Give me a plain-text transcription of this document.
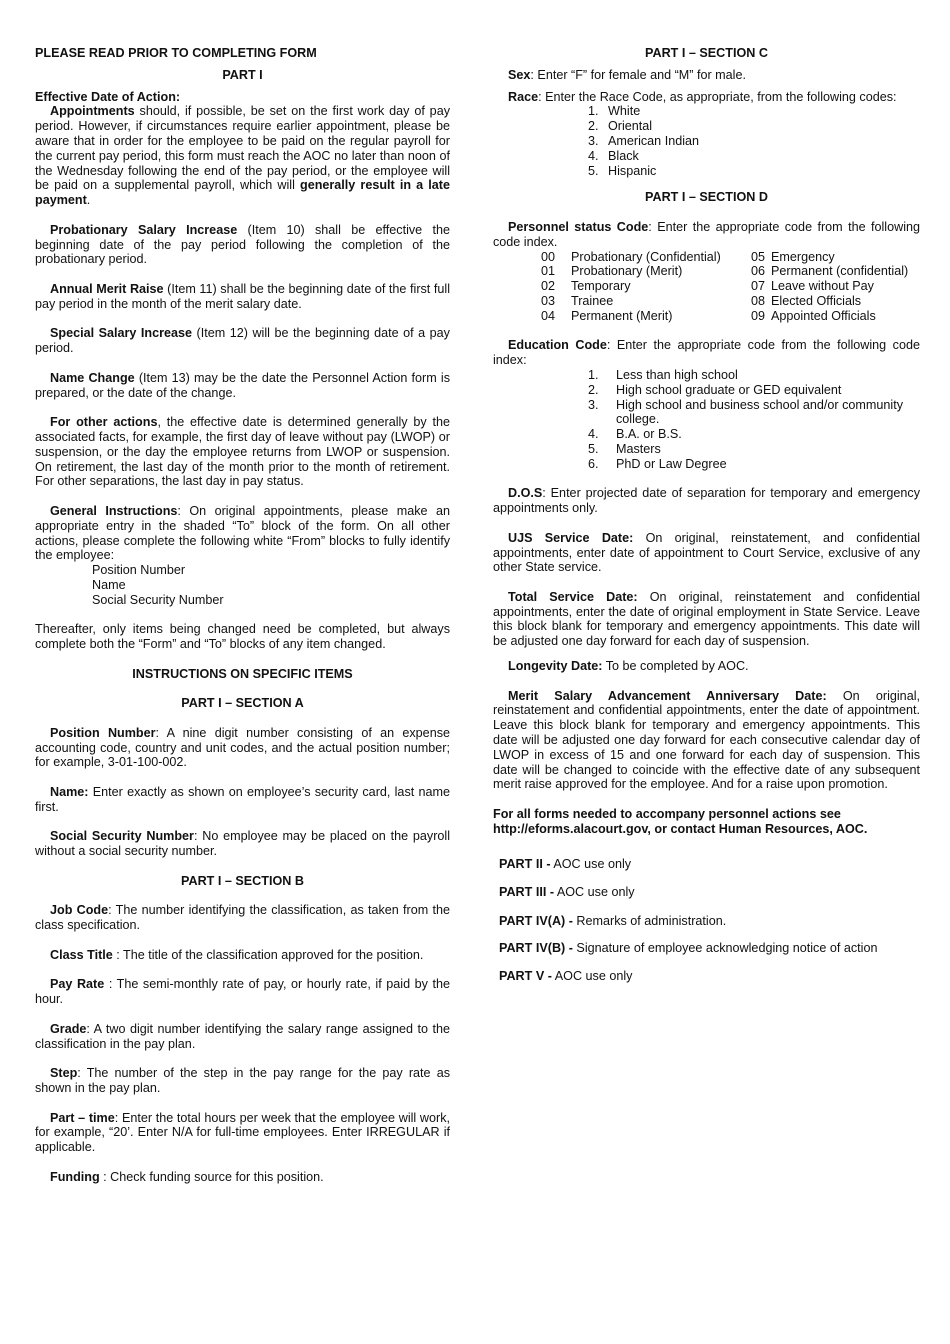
PLEASE READ PRIOR TO COMPLETING FORM

PART I

Effective Date of Action:

Appointments should, if possible, be set on the first work day of pay period. However, if circumstances require earlier appointment, please be aware that in order for the employee to be paid on the regular payroll for the current pay period, this form must reach the AOC no later than noon of the Wednesday following the end of the pay period, or the employee will be paid on a supplemental payroll, which will generally result in a late payment.

Probationary Salary Increase (Item 10) shall be effective the beginning date of the pay period following the completion of the probationary period.

Annual Merit Raise (Item 11) shall be the beginning date of the first full pay period in the month of the merit salary date.

Special Salary Increase (Item 12) will be the beginning date of a pay period.

Name Change (Item 13) may be the date the Personnel Action form is prepared, or the date of the change.

For other actions, the effective date is determined generally by the associated facts, for example, the first day of leave without pay (LWOP) or suspension, or the day the employee returns from LWOP or suspension. On retirement, the last day of the month prior to the month of retirement. For other separations, the last day in pay status.

General Instructions: On original appointments, please make an appropriate entry in the shaded “To” block of the form. On all other actions, please complete the following white “From” blocks to fully identify the employee:

Position Number
Name
Social Security Number

Thereafter, only items being changed need be completed, but always complete both the “Form” and “To” blocks of any item changed.

INSTRUCTIONS ON SPECIFIC ITEMS

PART I – SECTION A

Position Number: A nine digit number consisting of an expense accounting code, country and unit codes, and the actual position number; for example, 3-01-100-002.

Name: Enter exactly as shown on employee’s security card, last name first.

Social Security Number: No employee may be placed on the payroll without a social security number.

PART I – SECTION B

Job Code: The number identifying the classification, as taken from the class specification.

Class Title : The title of the classification approved for the position.

Pay Rate : The semi-monthly rate of pay, or hourly rate, if paid by the hour.

Grade: A two digit number identifying the salary range assigned to the classification in the pay plan.

Step: The number of the step in the pay range for the pay rate as shown in the pay plan.

Part – time: Enter the total hours per week that the employee will work, for example, “20’. Enter N/A for full-time employees. Enter IRREGULAR if applicable.

Funding : Check funding source for this position.

PART I – SECTION C

Sex: Enter “F” for female and “M” for male.

Race: Enter the Race Code, as appropriate, from the following codes:

1. White
2. Oriental
3. American Indian
4. Black
5. Hispanic

PART I – SECTION D

Personnel status Code: Enter the appropriate code from the following code index.

00	Probationary (Confidential)	05 Emergency
01	Probationary (Merit)	06 Permanent (confidential)
02	Temporary	07 Leave without Pay
03	Trainee	08 Elected Officials
04	Permanent (Merit)	09 Appointed Officials

Education Code: Enter the appropriate code from the following code index:

1.	Less than high school
2.	High school graduate or GED equivalent
3.	High school and business school and/or community college.
4.	B.A. or B.S.
5.	Masters
6.	PhD or Law Degree

D.O.S: Enter projected date of separation for temporary and emergency appointments only.

UJS Service Date: On original, reinstatement, and confidential appointments, enter date of appointment to Court Service, exclusive of any other State service.

Total Service Date: On original, reinstatement and confidential appointments, enter the date of original employment in State Service. Leave this block blank for temporary and emergency appointments. This date will be adjusted one day forward for each day of suspension.

Longevity Date: To be completed by AOC.

Merit Salary Advancement Anniversary Date: On original, reinstatement and confidential appointments, enter the date of appointment. Leave this block blank for temporary and emergency appointments. This date will be adjusted one day forward for each consecutive calendar day of LWOP in excess of 15 and one forward for each day of suspension. This date will be changed to coincide with the effective date of any subsequent merit raise approved for the employee. And for a raise upon promotion.

For all forms needed to accompany personnel actions see
http://eforms.alacourt.gov, or contact Human Resources, AOC.

PART II - AOC use only

PART III - AOC use only

PART IV(A) - Remarks of administration.

PART IV(B) - Signature of employee acknowledging notice of action

PART V - AOC use only
